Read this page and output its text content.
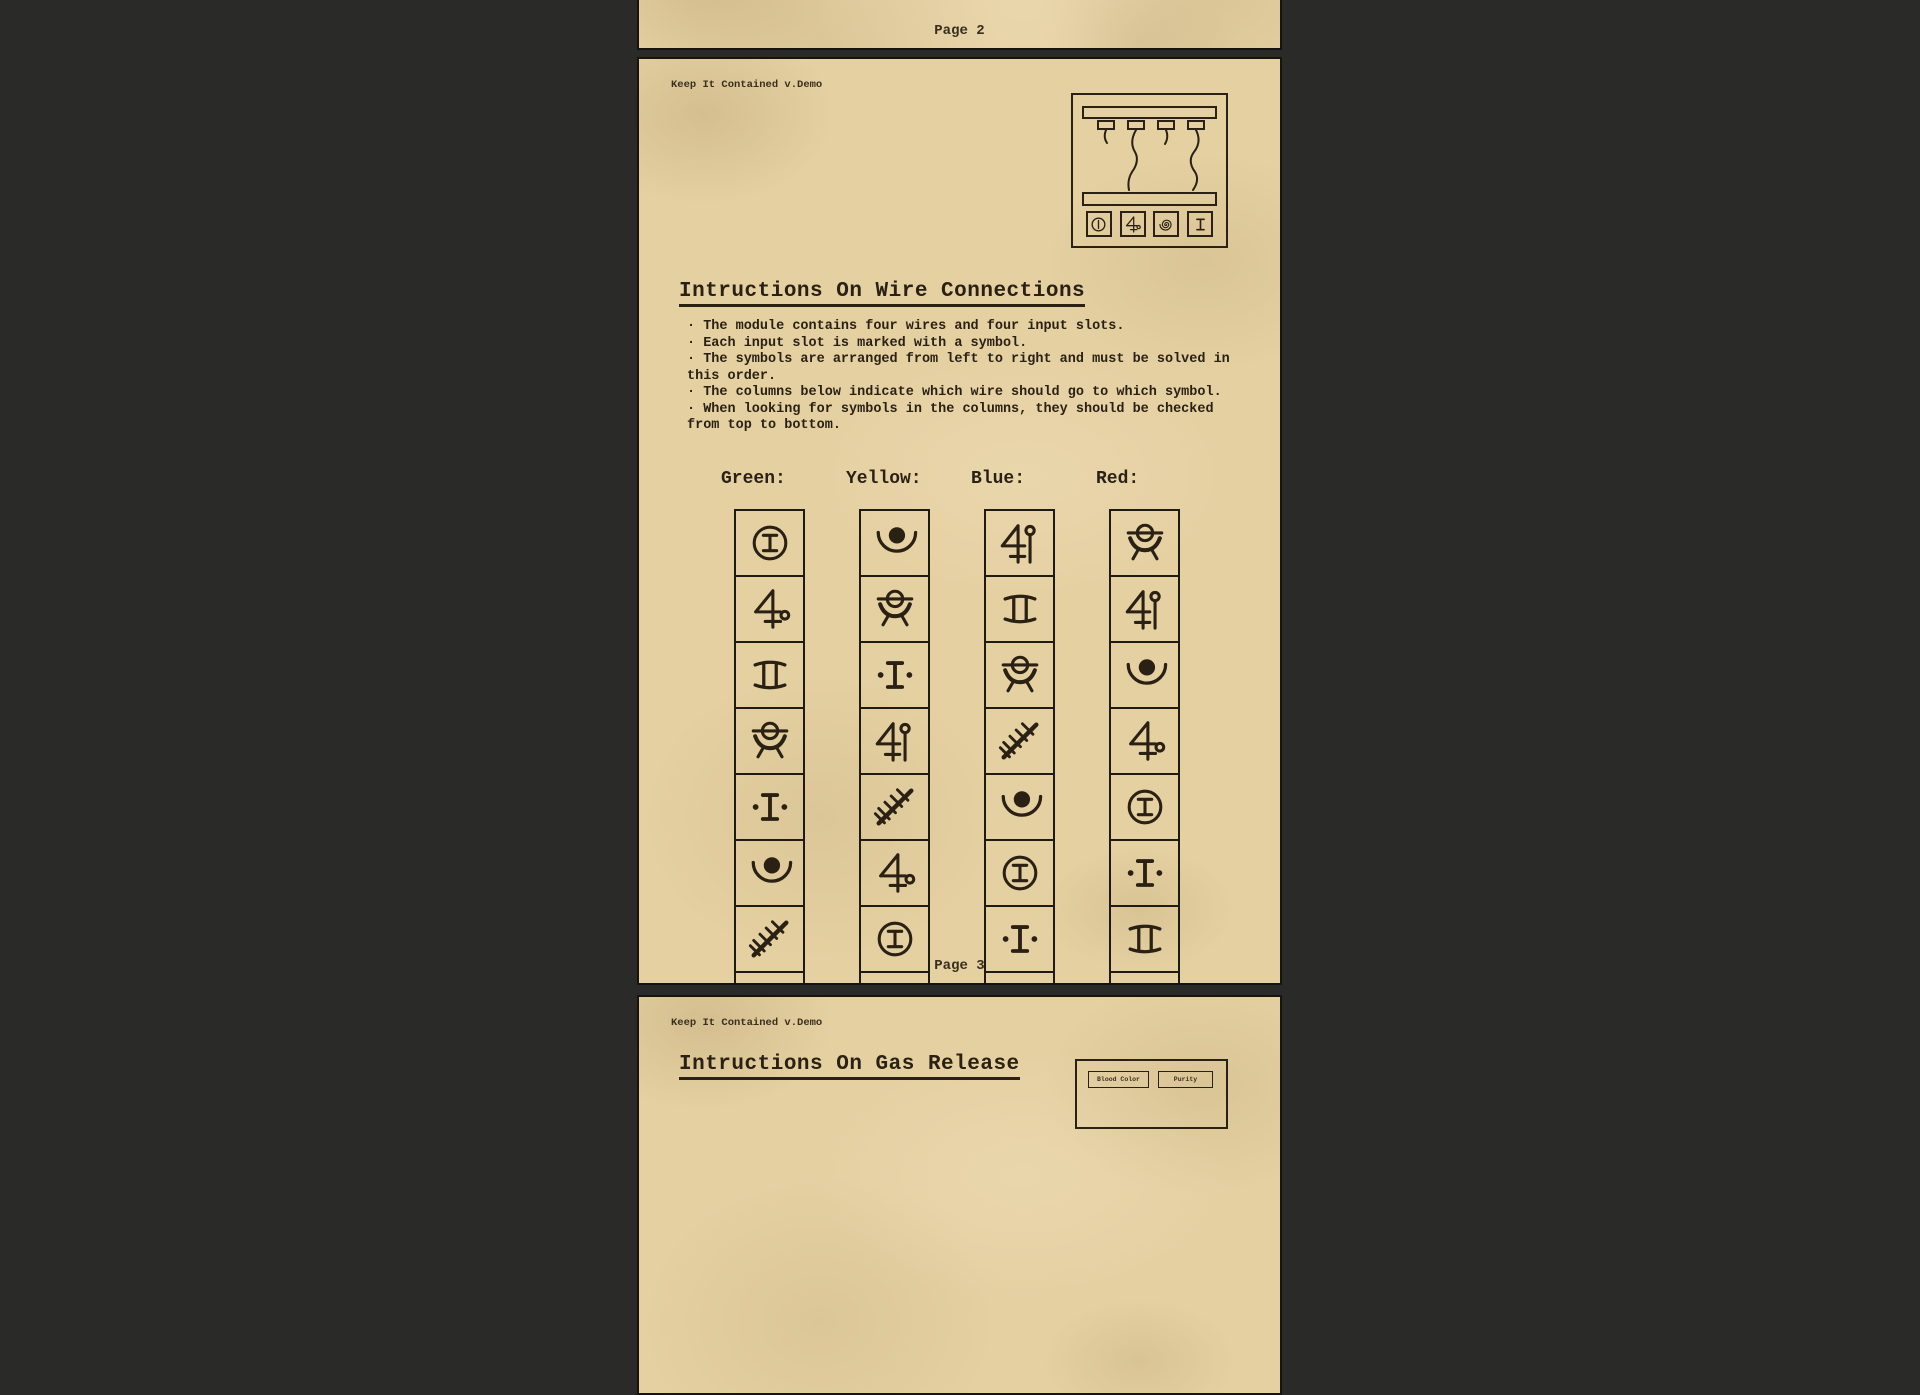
Page 2
Keep It Contained v.Demo
Intructions On Wire Connections
· The module contains four wires and four input slots.
· Each input slot is marked with a symbol.
· The symbols are arranged from left to right and must be solved in this order.
· The columns below indicate which wire should go to which symbol.
· When looking for symbols in the columns, they should be checked from top to bottom.
Green:	Yellow:	Blue:	Red:
Page 3
Keep It Contained v.Demo
Intructions On Gas Release
Blood Color	Purity
